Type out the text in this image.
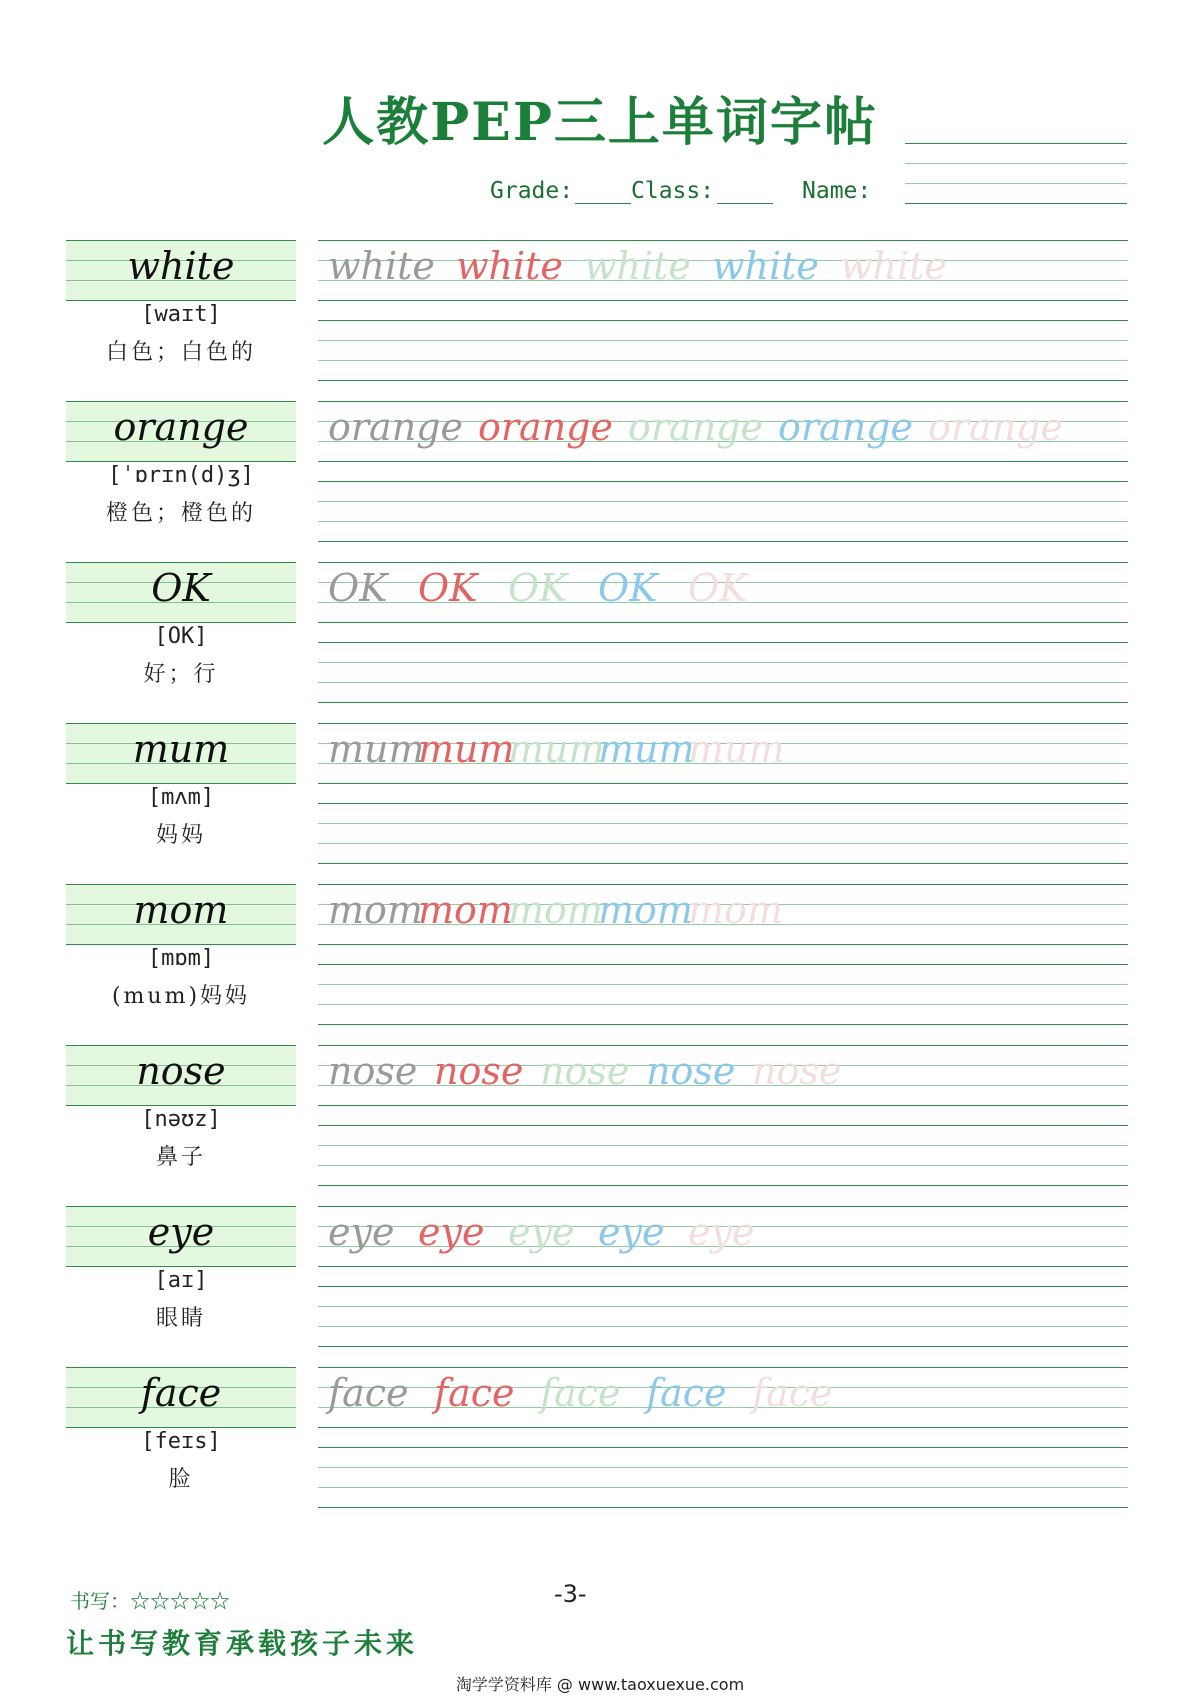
人教PEP三上单词字帖
Grade:	Class:	Name:
white
[waɪt]
白色；白色的
white white white white white
orange
[ˈɒrɪn(d)ʒ]
橙色；橙色的
orange orange orange orange orange
OK
[OK]
好；行
OK OK OK OK OK
mum
[mʌm]
妈妈
mum
mum
mum
mum
mum
mom
[mɒm]
(mum)妈妈
mom
mom
mom
mom
mom
nose
[nəʊz]
鼻子
nose nose nose nose nose
eye
[aɪ]
眼睛
eye eye eye eye eye
face
[feɪs]
脸
face face face face face
书写：☆☆☆☆☆	-3-
让书写教育承载孩子未来
淘学学资料库 @ www.taoxuexue.com
